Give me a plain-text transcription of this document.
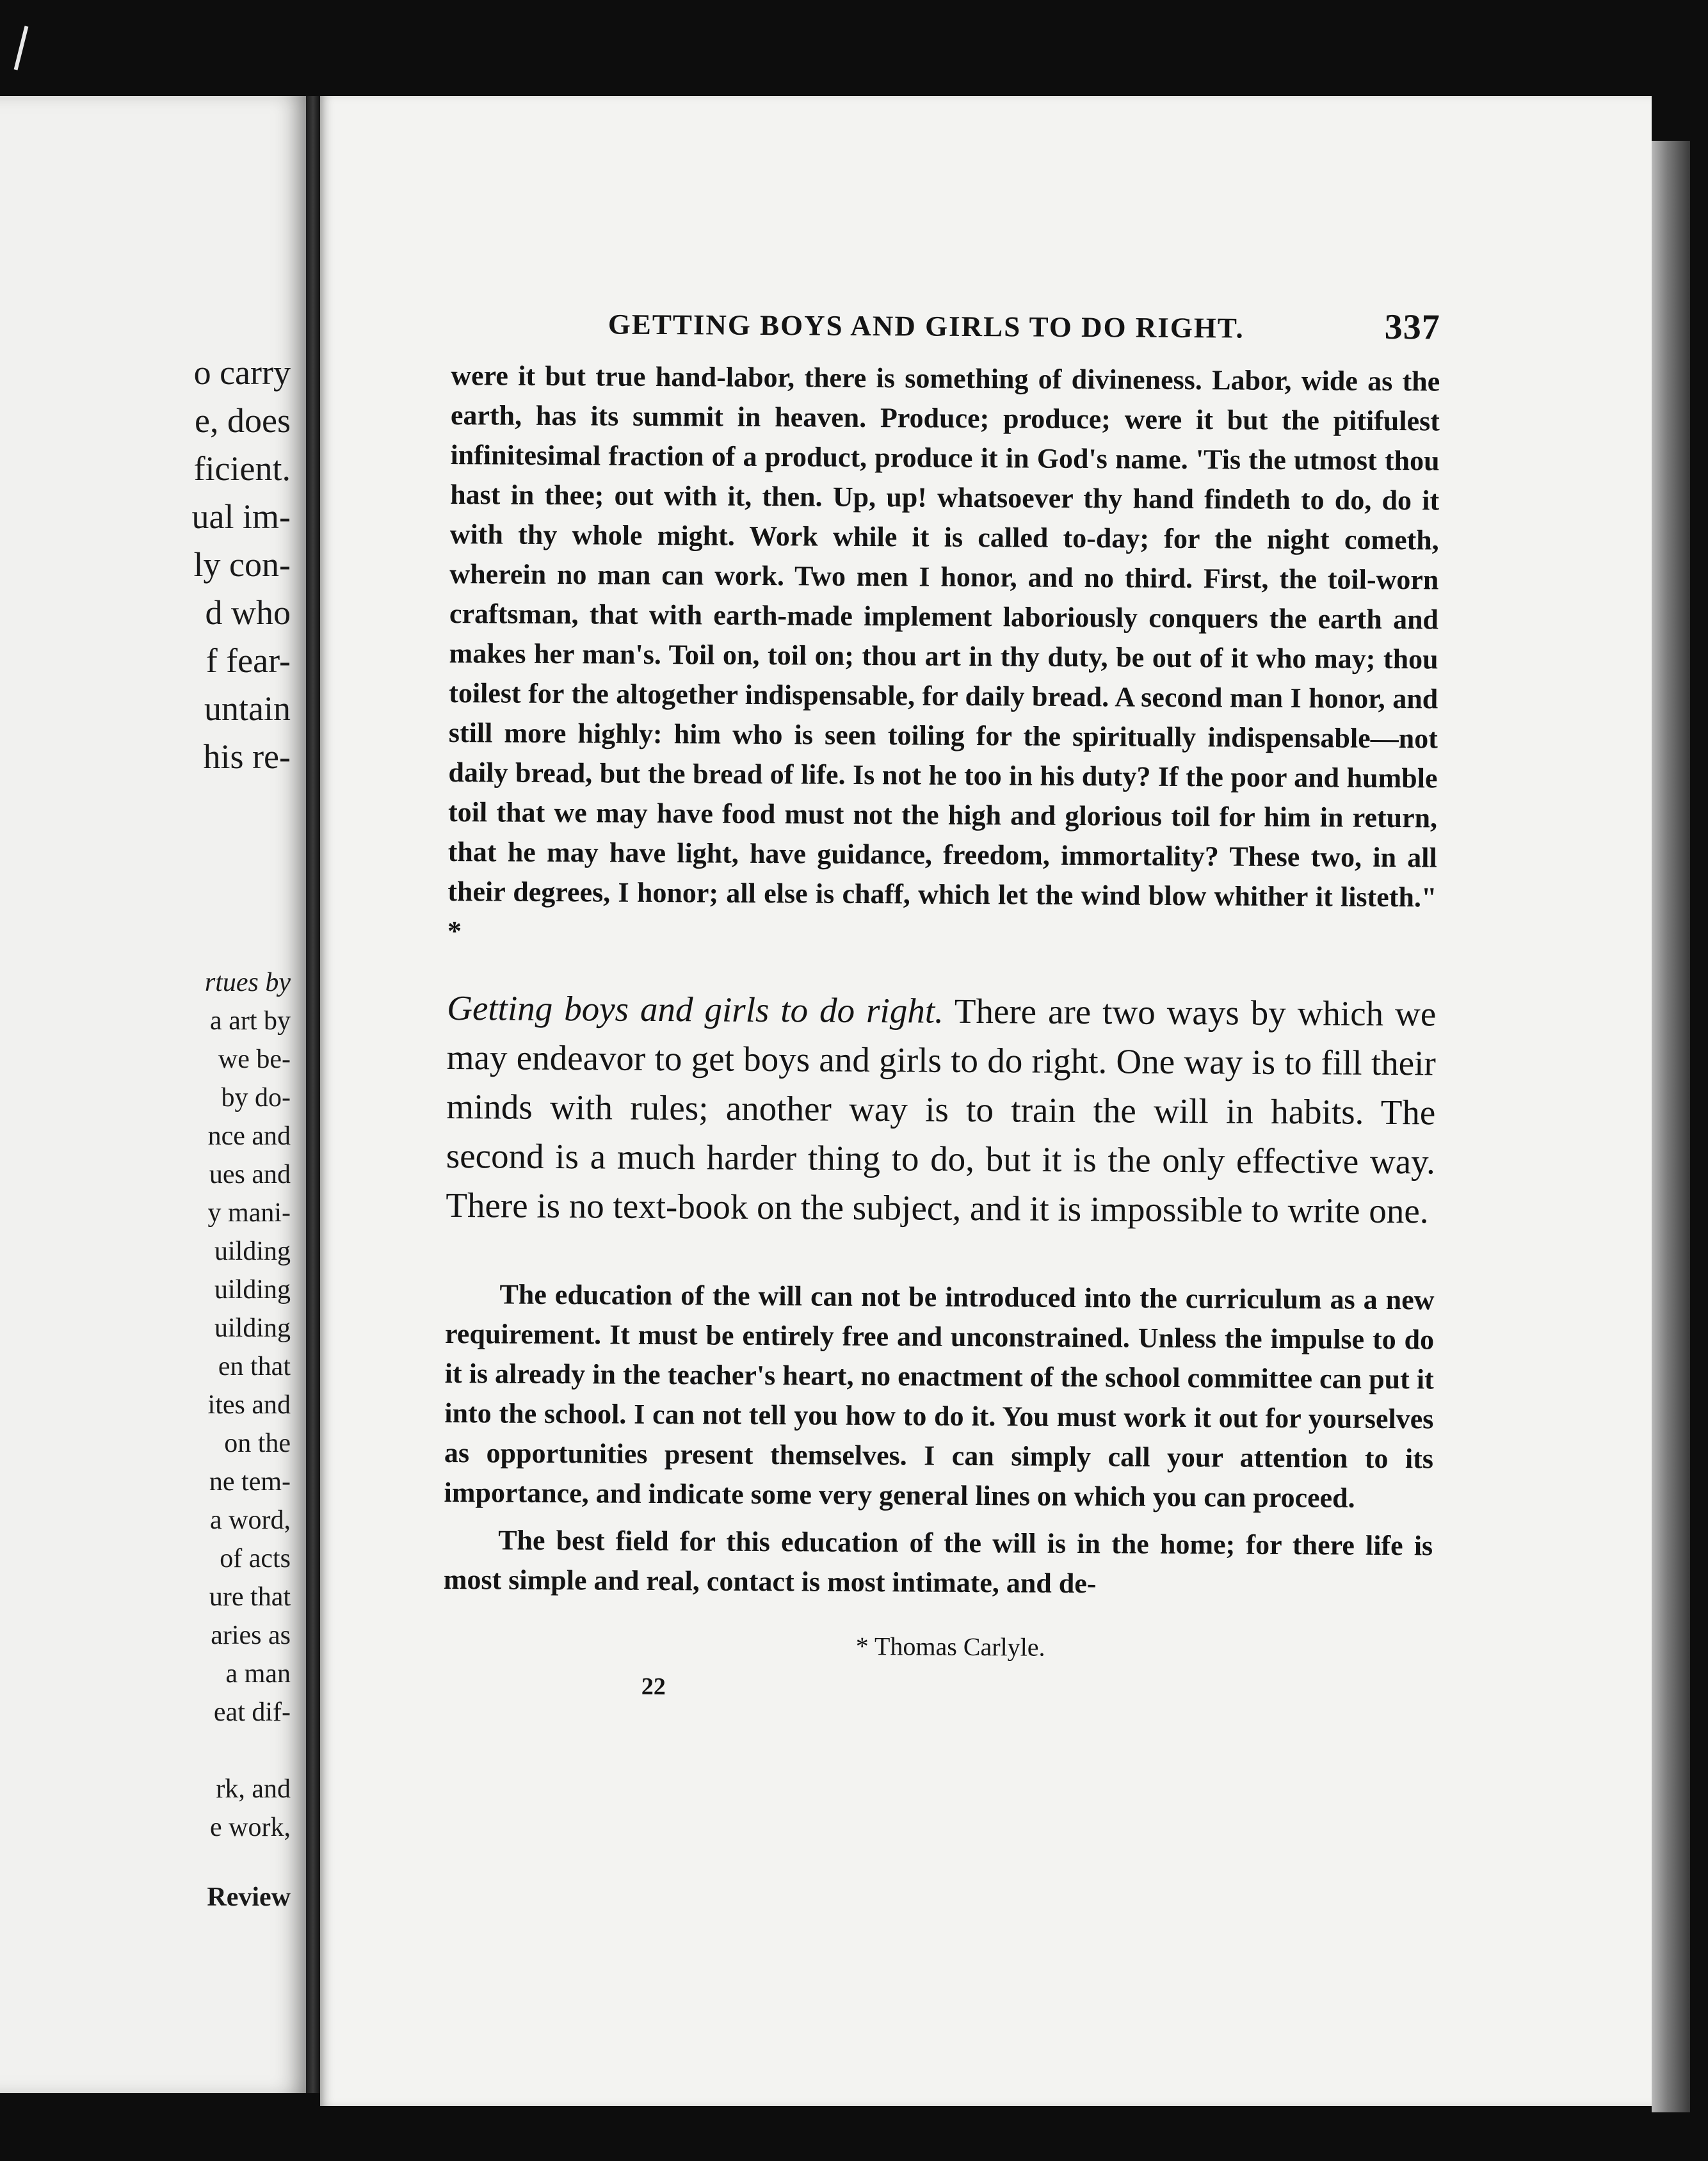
o carry
e, does
ficient.
ual im-
ly con-
d who
f fear-
untain
his re-
rtues by
a art by
we be-
by do-
nce and
ues and
y mani-
uilding
uilding
uilding
en that
ites and
on the
ne tem-
a word,
of acts
ure that
aries as
a man
eat dif-
rk, and
e work,
Review
GETTING BOYS AND GIRLS TO DO RIGHT.	337

were it but true hand-labor, there is something of divineness. Labor, wide as the earth, has its summit in heaven. Produce; produce; were it but the pitifulest infinitesimal fraction of a product, produce it in God's name. 'Tis the utmost thou hast in thee; out with it, then. Up, up! whatsoever thy hand findeth to do, do it with thy whole might. Work while it is called to-day; for the night cometh, wherein no man can work. Two men I honor, and no third. First, the toil-worn craftsman, that with earth-made implement laboriously conquers the earth and makes her man's. Toil on, toil on; thou art in thy duty, be out of it who may; thou toilest for the altogether indispensable, for daily bread. A second man I honor, and still more highly: him who is seen toiling for the spiritually indispensable—not daily bread, but the bread of life. Is not he too in his duty? If the poor and humble toil that we may have food must not the high and glorious toil for him in return, that he may have light, have guidance, freedom, immortality? These two, in all their degrees, I honor; all else is chaff, which let the wind blow whither it listeth." *

Getting boys and girls to do right. There are two ways by which we may endeavor to get boys and girls to do right. One way is to fill their minds with rules; another way is to train the will in habits. The second is a much harder thing to do, but it is the only effective way. There is no text-book on the subject, and it is impossible to write one.

The education of the will can not be introduced into the curriculum as a new requirement. It must be entirely free and unconstrained. Unless the impulse to do it is already in the teacher's heart, no enactment of the school committee can put it into the school. I can not tell you how to do it. You must work it out for yourselves as opportunities present themselves. I can simply call your attention to its importance, and indicate some very general lines on which you can proceed.

The best field for this education of the will is in the home; for there life is most simple and real, contact is most intimate, and de-

* Thomas Carlyle.
22
